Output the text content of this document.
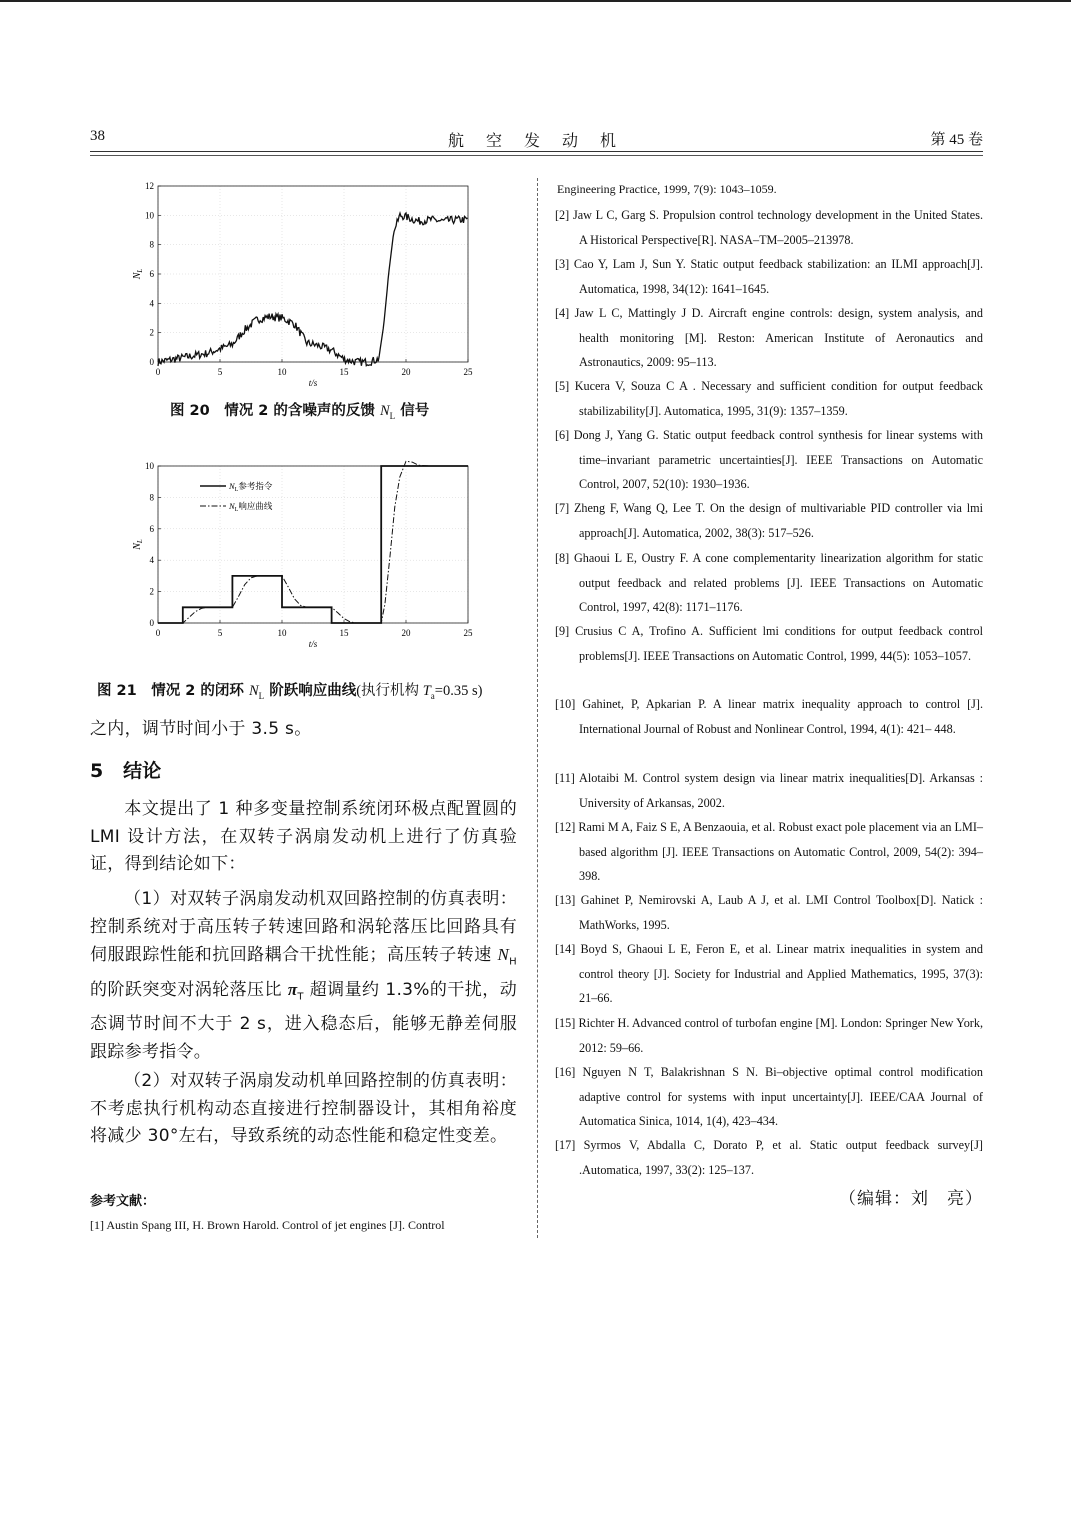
38	航 空 发 动 机	第 45 卷
0	5	10	15	20	25
0
2
4
6
8
10
12
$N_L$
t/s
图 20　情况 2 的含噪声的反馈 $N_L$ 信号
0	5	10	15	20	25
0
2
4
6
8
10
$N_L$参考指令
$N_L$响应曲线
$N_L$
t/s
图 21　情况 2 的闭环 $N_L$ 阶跃响应曲线(执行机构 $T_a=0.35$ s)
之内，调节时间小于 3.5 s。
5 结论
本文提出了 1 种多变量控制系统闭环极点配置圆的 LMI 设计方法，在双转子涡扇发动机上进行了仿真验证，得到结论如下：
（1）对双转子涡扇发动机双回路控制的仿真表明：控制系统对于高压转子转速回路和涡轮落压比回路具有伺服跟踪性能和抗回路耦合干扰性能；高压转子转速 $N_H$ 的阶跃突变对涡轮落压比 $\pi_T$ 超调量约 1.3%的干扰，动态调节时间不大于 2 s，进入稳态后，能够无静差伺服跟踪参考指令。
（2）对双转子涡扇发动机单回路控制的仿真表明：不考虑执行机构动态直接进行控制器设计，其相角裕度将减少 30°左右，导致系统的动态性能和稳定性变差。
参考文献：
[1] Austin Spang III, H. Brown Harold. Control of jet engines [J]. Control
Engineering Practice, 1999, 7(9): 1043–1059.
[2] Jaw L C, Garg S. Propulsion control technology development in the United States. A Historical Perspective[R]. NASA–TM–2005–213978.
[3] Cao Y, Lam J, Sun Y. Static output feedback stabilization: an ILMI approach[J]. Automatica, 1998, 34(12): 1641–1645.
[4] Jaw L C, Mattingly J D. Aircraft engine controls: design, system analysis, and health monitoring [M]. Reston: American Institute of Aeronautics and Astronautics, 2009: 95–113.
[5] Kucera V, Souza C A . Necessary and sufficient condition for output feedback stabilizability[J]. Automatica, 1995, 31(9): 1357–1359.
[6] Dong J, Yang G. Static output feedback control synthesis for linear systems with time–invariant parametric uncertainties[J]. IEEE Transactions on Automatic Control, 2007, 52(10): 1930–1936.
[7] Zheng F, Wang Q, Lee T. On the design of multivariable PID controller via lmi approach[J]. Automatica, 2002, 38(3): 517–526.
[8] Ghaoui L E, Oustry F. A cone complementarity linearization algorithm for static output feedback and related problems [J]. IEEE Transactions on Automatic Control, 1997, 42(8): 1171–1176.
[9] Crusius C A, Trofino A. Sufficient lmi conditions for output feedback control problems[J]. IEEE Transactions on Automatic Control, 1999, 44(5): 1053–1057.
[10] Gahinet, P, Apkarian P. A linear matrix inequality approach to control [J]. International Journal of Robust and Nonlinear Control, 1994, 4(1): 421– 448.
[11] Alotaibi M. Control system design via linear matrix inequalities[D]. Arkansas : University of Arkansas, 2002.
[12] Rami M A, Faiz S E, A Benzaouia, et al. Robust exact pole placement via an LMI–based algorithm [J]. IEEE Transactions on Automatic Control, 2009, 54(2): 394–398.
[13] Gahinet P, Nemirovski A, Laub A J, et al. LMI Control Toolbox[D]. Natick : MathWorks, 1995.
[14] Boyd S, Ghaoui L E, Feron E, et al. Linear matrix inequalities in system and control theory [J]. Society for Industrial and Applied Mathematics, 1995, 37(3): 21–66.
[15] Richter H. Advanced control of turbofan engine [M]. London: Springer New York, 2012: 59–66.
[16] Nguyen N T, Balakrishnan S N. Bi–objective optimal control modification adaptive control for systems with input uncertainty[J]. IEEE/CAA Journal of Automatica Sinica, 1014, 1(4), 423–434.
[17] Syrmos V, Abdalla C, Dorato P, et al. Static output feedback survey[J] .Automatica, 1997, 33(2): 125–137.
（编辑：刘　亮）
